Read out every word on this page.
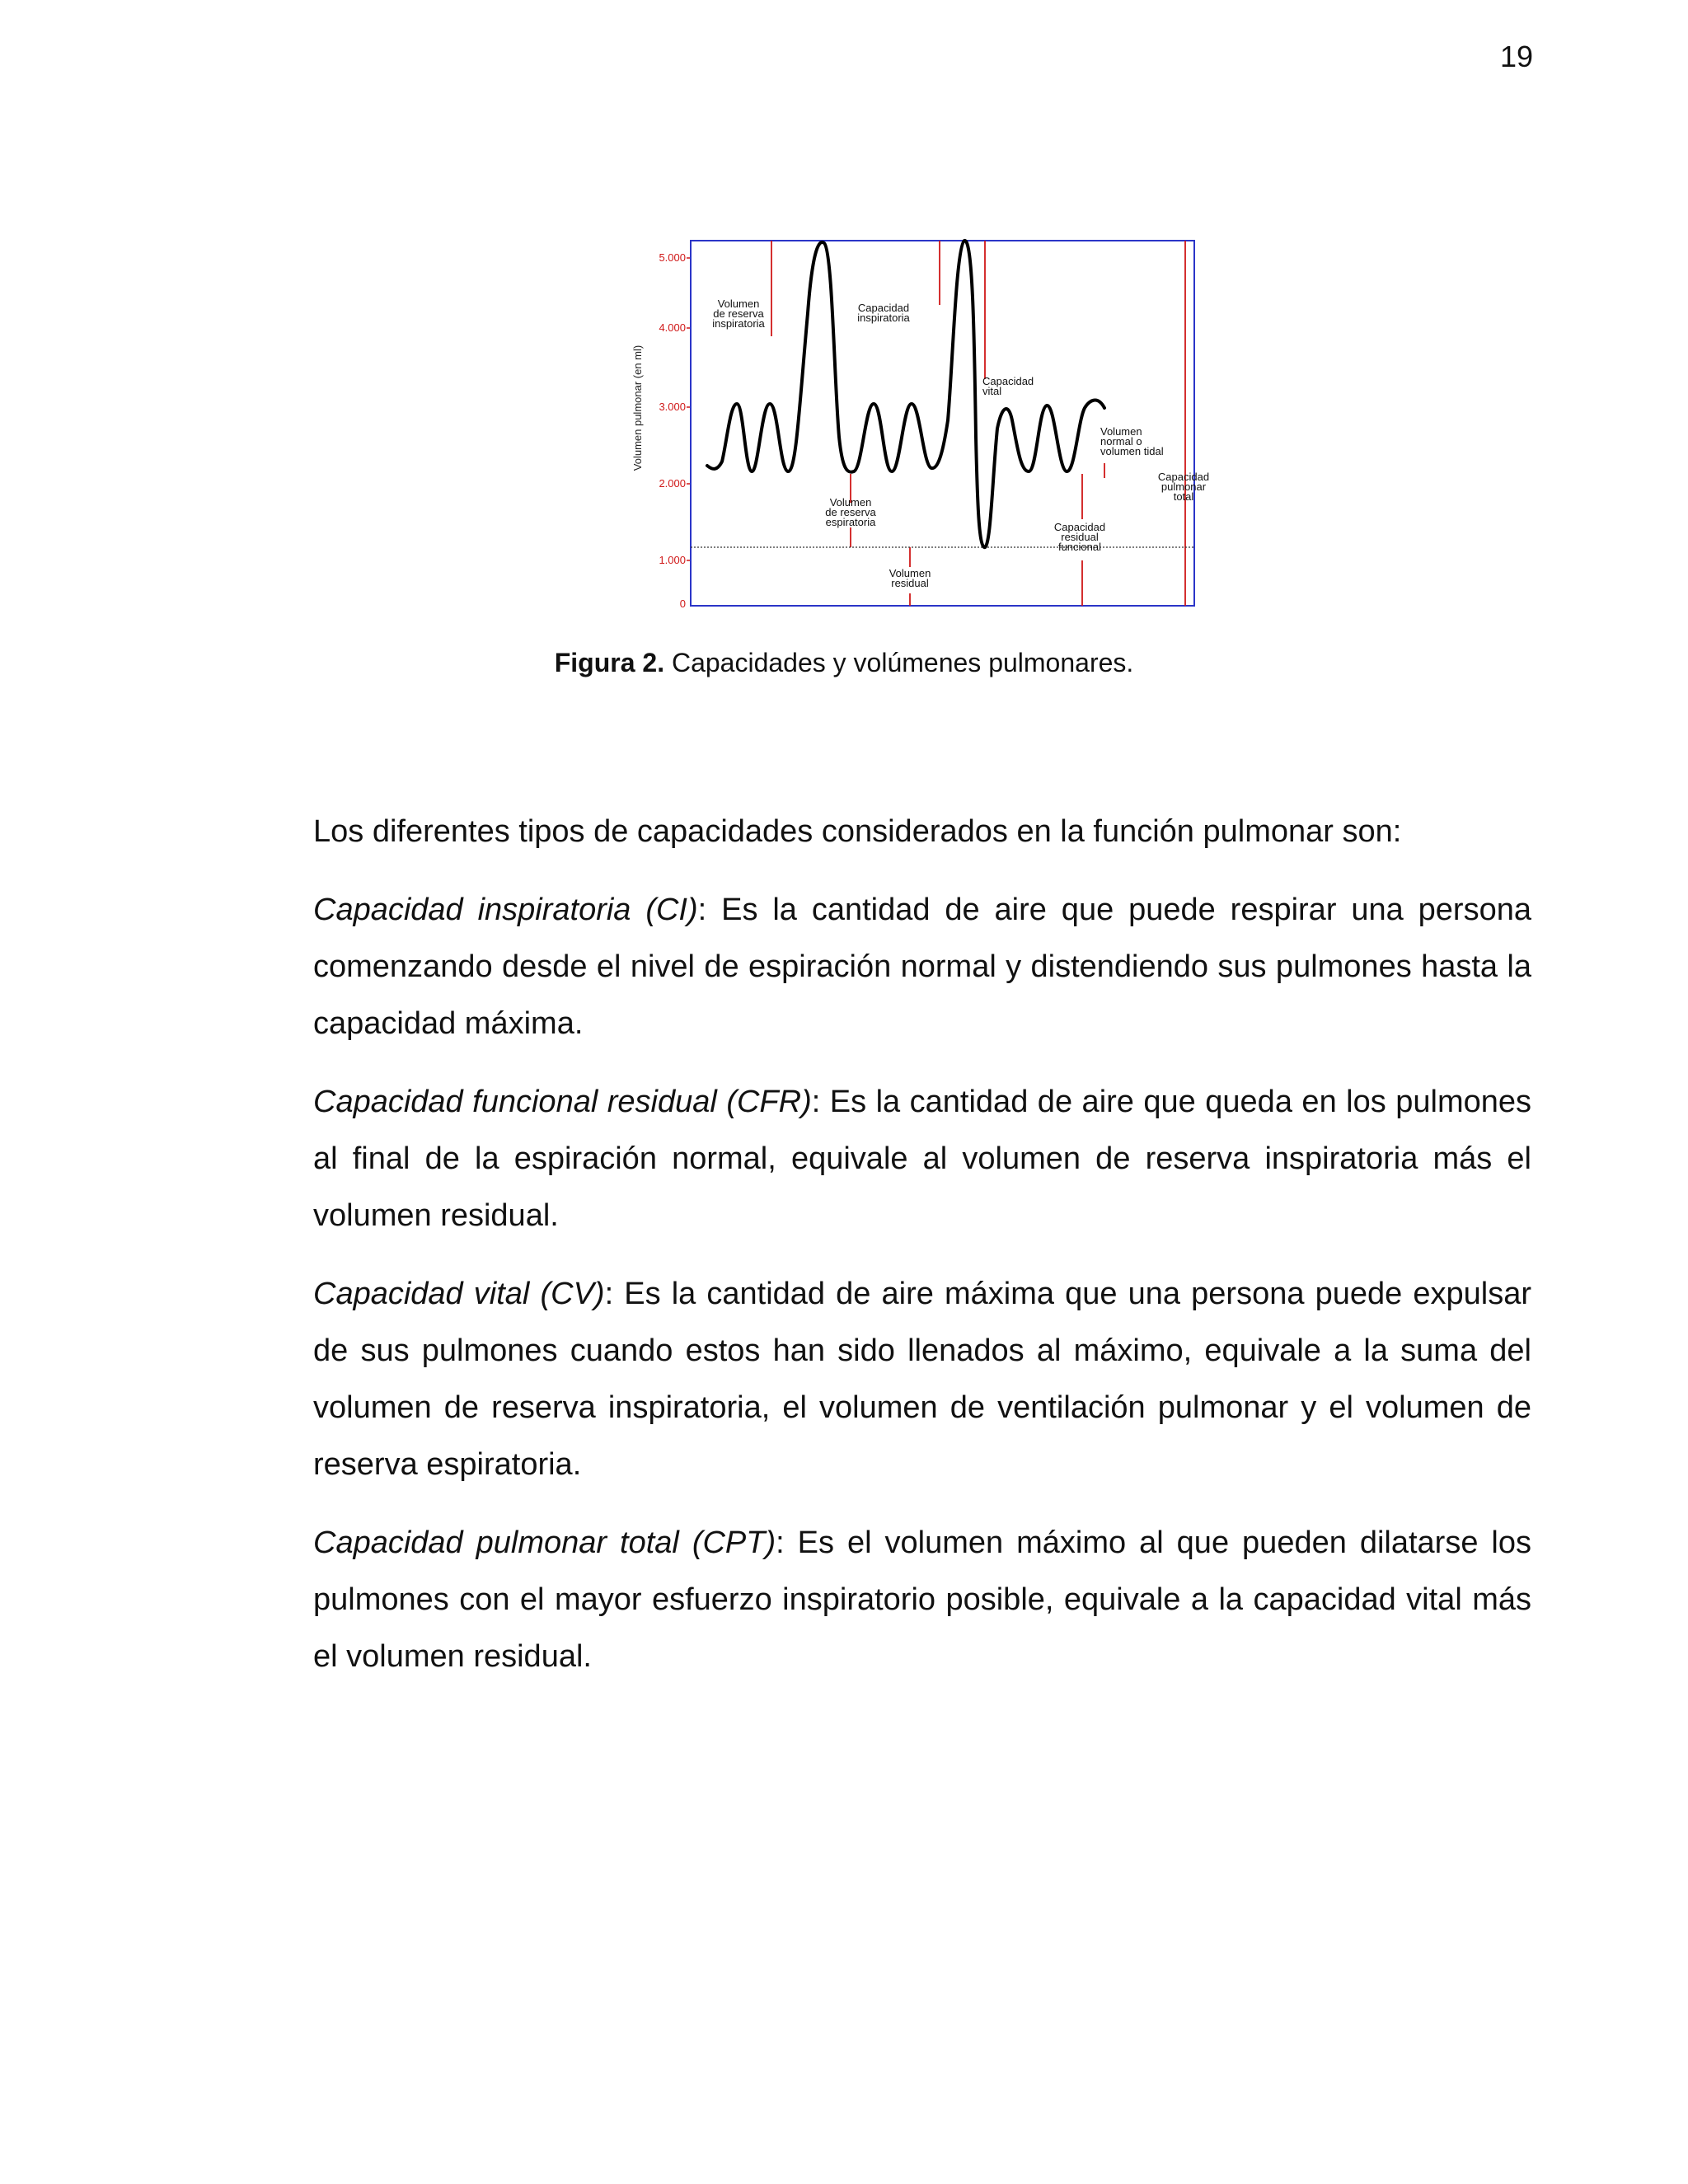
19
Volumen pulmonar (en ml)
5.000
4.000
3.000
2.000
1.000
0
Volumen
de reserva
inspiratoria
Capacidad
inspiratoria
Capacidad
vital
Volumen
normal o
volumen tidal
Capacidad
pulmonar
total
Volumen
de reserva
espiratoria	Capacidad
residual
funcional
Volumen
residual
Figura 2. Capacidades y volúmenes pulmonares.

Los diferentes tipos de capacidades considerados en la función pulmonar son:

Capacidad inspiratoria (CI): Es la cantidad de aire que puede respirar una persona comenzando desde el nivel de espiración normal y distendiendo sus pulmones hasta la capacidad máxima.

Capacidad funcional residual (CFR): Es la cantidad de aire que queda en los pulmones al final de la espiración normal, equivale al volumen de reserva inspiratoria más el volumen residual.

Capacidad vital (CV): Es la cantidad de aire máxima que una persona puede expulsar de sus pulmones cuando estos han sido llenados al máximo, equivale a la suma del volumen de reserva inspiratoria, el volumen de ventilación pulmonar y el volumen de reserva espiratoria.

Capacidad pulmonar total (CPT): Es el volumen máximo al que pueden dilatarse los pulmones con el mayor esfuerzo inspiratorio posible, equivale a la capacidad vital más el volumen residual.
